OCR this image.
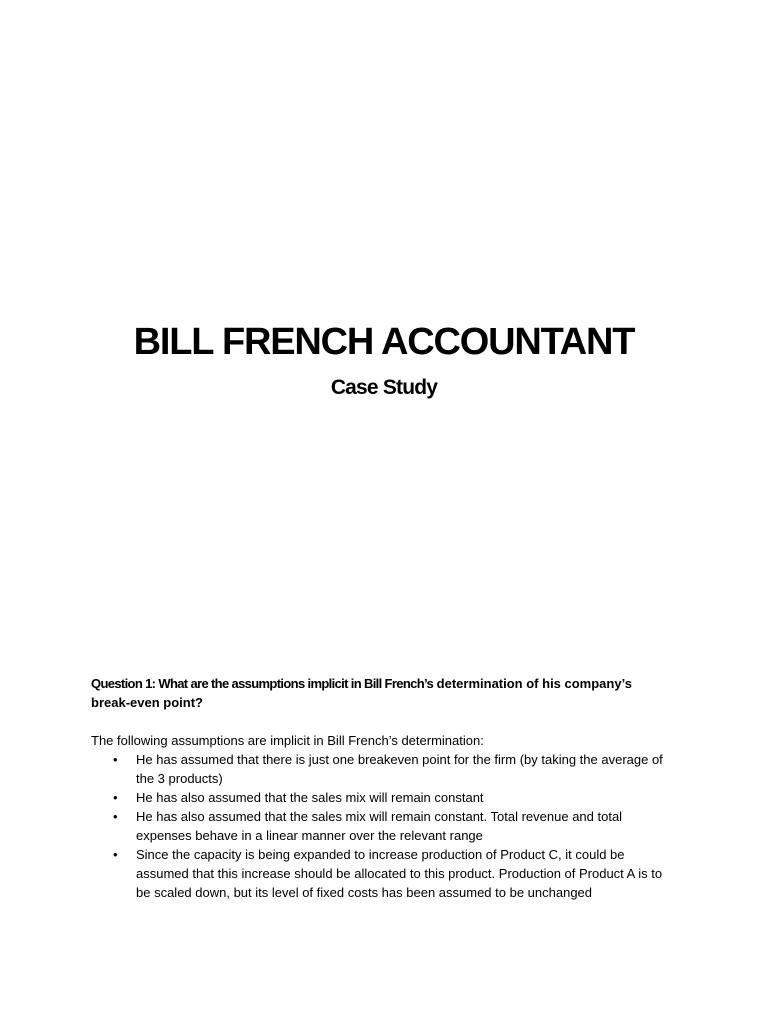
BILL FRENCH ACCOUNTANT
Case Study

Question 1: What are the assumptions implicit in Bill French’s determination of his company’s break-even point?

The following assumptions are implicit in Bill French’s determination:

• He has assumed that there is just one breakeven point for the firm (by taking the average of the 3 products)
• He has also assumed that the sales mix will remain constant
• He has also assumed that the sales mix will remain constant. Total revenue and total expenses behave in a linear manner over the relevant range
• Since the capacity is being expanded to increase production of Product C, it could be assumed that this increase should be allocated to this product. Production of Product A is to be scaled down, but its level of fixed costs has been assumed to be unchanged
